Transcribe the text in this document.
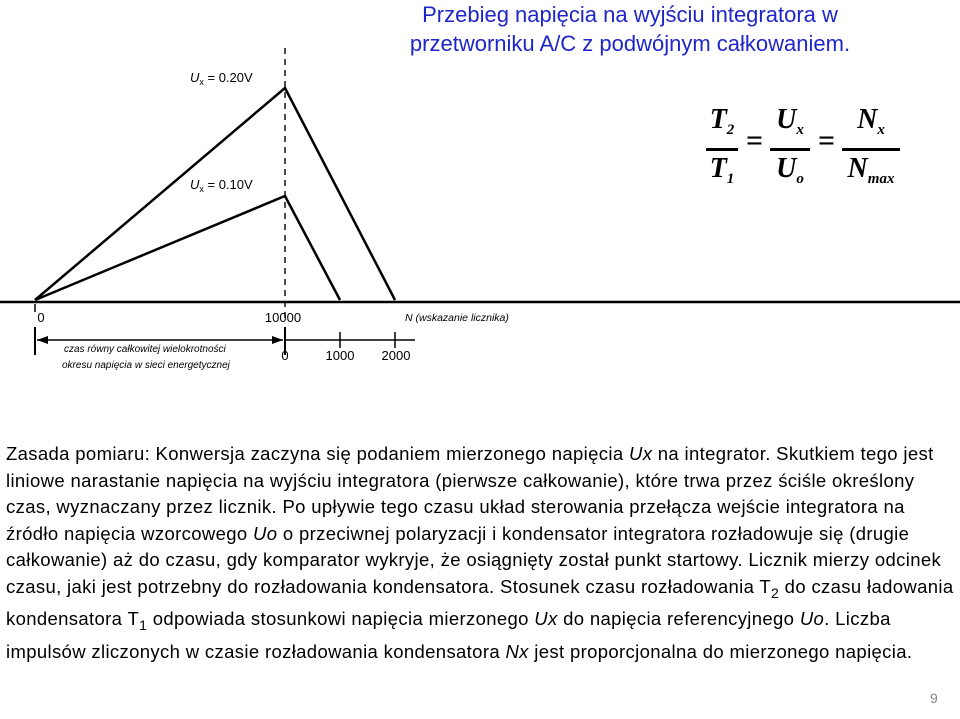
Przebieg napięcia na wyjściu integratora w
przetworniku A/C z podwójnym całkowaniem.
$U_x = 0.20V$
$U_x = 0.10V$
0	10000	N (wskazanie licznika)
0	1000 2000
czas równy całkowitej wielokrotności
okresu napięcia w sieci energetycznej
$T_2$
$T_1$
=
$U_x$
$U_o$
=
$N_x$
$N_{max}$
Zasada pomiaru: Konwersja zaczyna się podaniem mierzonego napięcia Ux na integrator. Skutkiem tego jest liniowe narastanie napięcia na wyjściu integratora (pierwsze całkowanie), które trwa przez ściśle określony czas, wyznaczany przez licznik. Po upływie tego czasu układ sterowania przełącza wejście integratora na źródło napięcia wzorcowego Uo o przeciwnej polaryzacji i kondensator integratora rozładowuje się (drugie całkowanie) aż do czasu, gdy komparator wykryje, że osiągnięty został punkt startowy. Licznik mierzy odcinek czasu, jaki jest potrzebny do rozładowania kondensatora. Stosunek czasu rozładowania $T_2$ do czasu ładowania kondensatora $T_1$ odpowiada stosunkowi napięcia mierzonego Ux do napięcia referencyjnego Uo. Liczba impulsów zliczonych w czasie rozładowania kondensatora Nx jest proporcjonalna do mierzonego napięcia.
9
